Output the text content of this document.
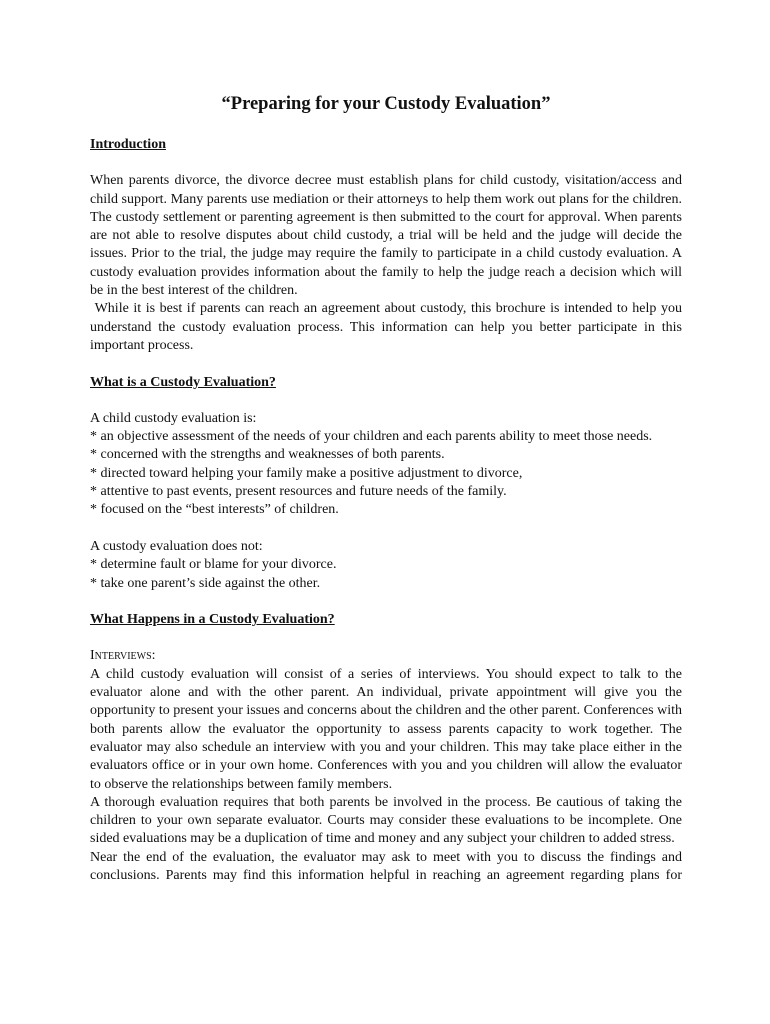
“Preparing for your Custody Evaluation”
Introduction

When parents divorce, the divorce decree must establish plans for child custody, visitation/access and child support. Many parents use mediation or their attorneys to help them work out plans for the children. The custody settlement or parenting agreement is then submitted to the court for approval. When parents are not able to resolve disputes about child custody, a trial will be held and the judge will decide the issues. Prior to the trial, the judge may require the family to participate in a child custody evaluation. A custody evaluation provides information about the family to help the judge reach a decision which will be in the best interest of the children.

While it is best if parents can reach an agreement about custody, this brochure is intended to help you understand the custody evaluation process. This information can help you better participate in this important process.

What is a Custody Evaluation?
A child custody evaluation is:
* an objective assessment of the needs of your children and each parents ability to meet those needs.
* concerned with the strengths and weaknesses of both parents.
* directed toward helping your family make a positive adjustment to divorce,
* attentive to past events, present resources and future needs of the family.
* focused on the “best interests” of children.
A custody evaluation does not:
* determine fault or blame for your divorce.
* take one parent’s side against the other.
What Happens in a Custody Evaluation?
Interviews:

A child custody evaluation will consist of a series of interviews. You should expect to talk to the evaluator alone and with the other parent. An individual, private appointment will give you the opportunity to present your issues and concerns about the children and the other parent. Conferences with both parents allow the evaluator the opportunity to assess parents capacity to work together. The evaluator may also schedule an interview with you and your children. This may take place either in the evaluators office or in your own home. Conferences with you and you children will allow the evaluator to observe the relationships between family members.

A thorough evaluation requires that both parents be involved in the process. Be cautious of taking the children to your own separate evaluator. Courts may consider these evaluations to be incomplete. One sided evaluations may be a duplication of time and money and any subject your children to added stress.

Near the end of the evaluation, the evaluator may ask to meet with you to discuss the findings and conclusions. Parents may find this information helpful in reaching an agreement regarding plans for
